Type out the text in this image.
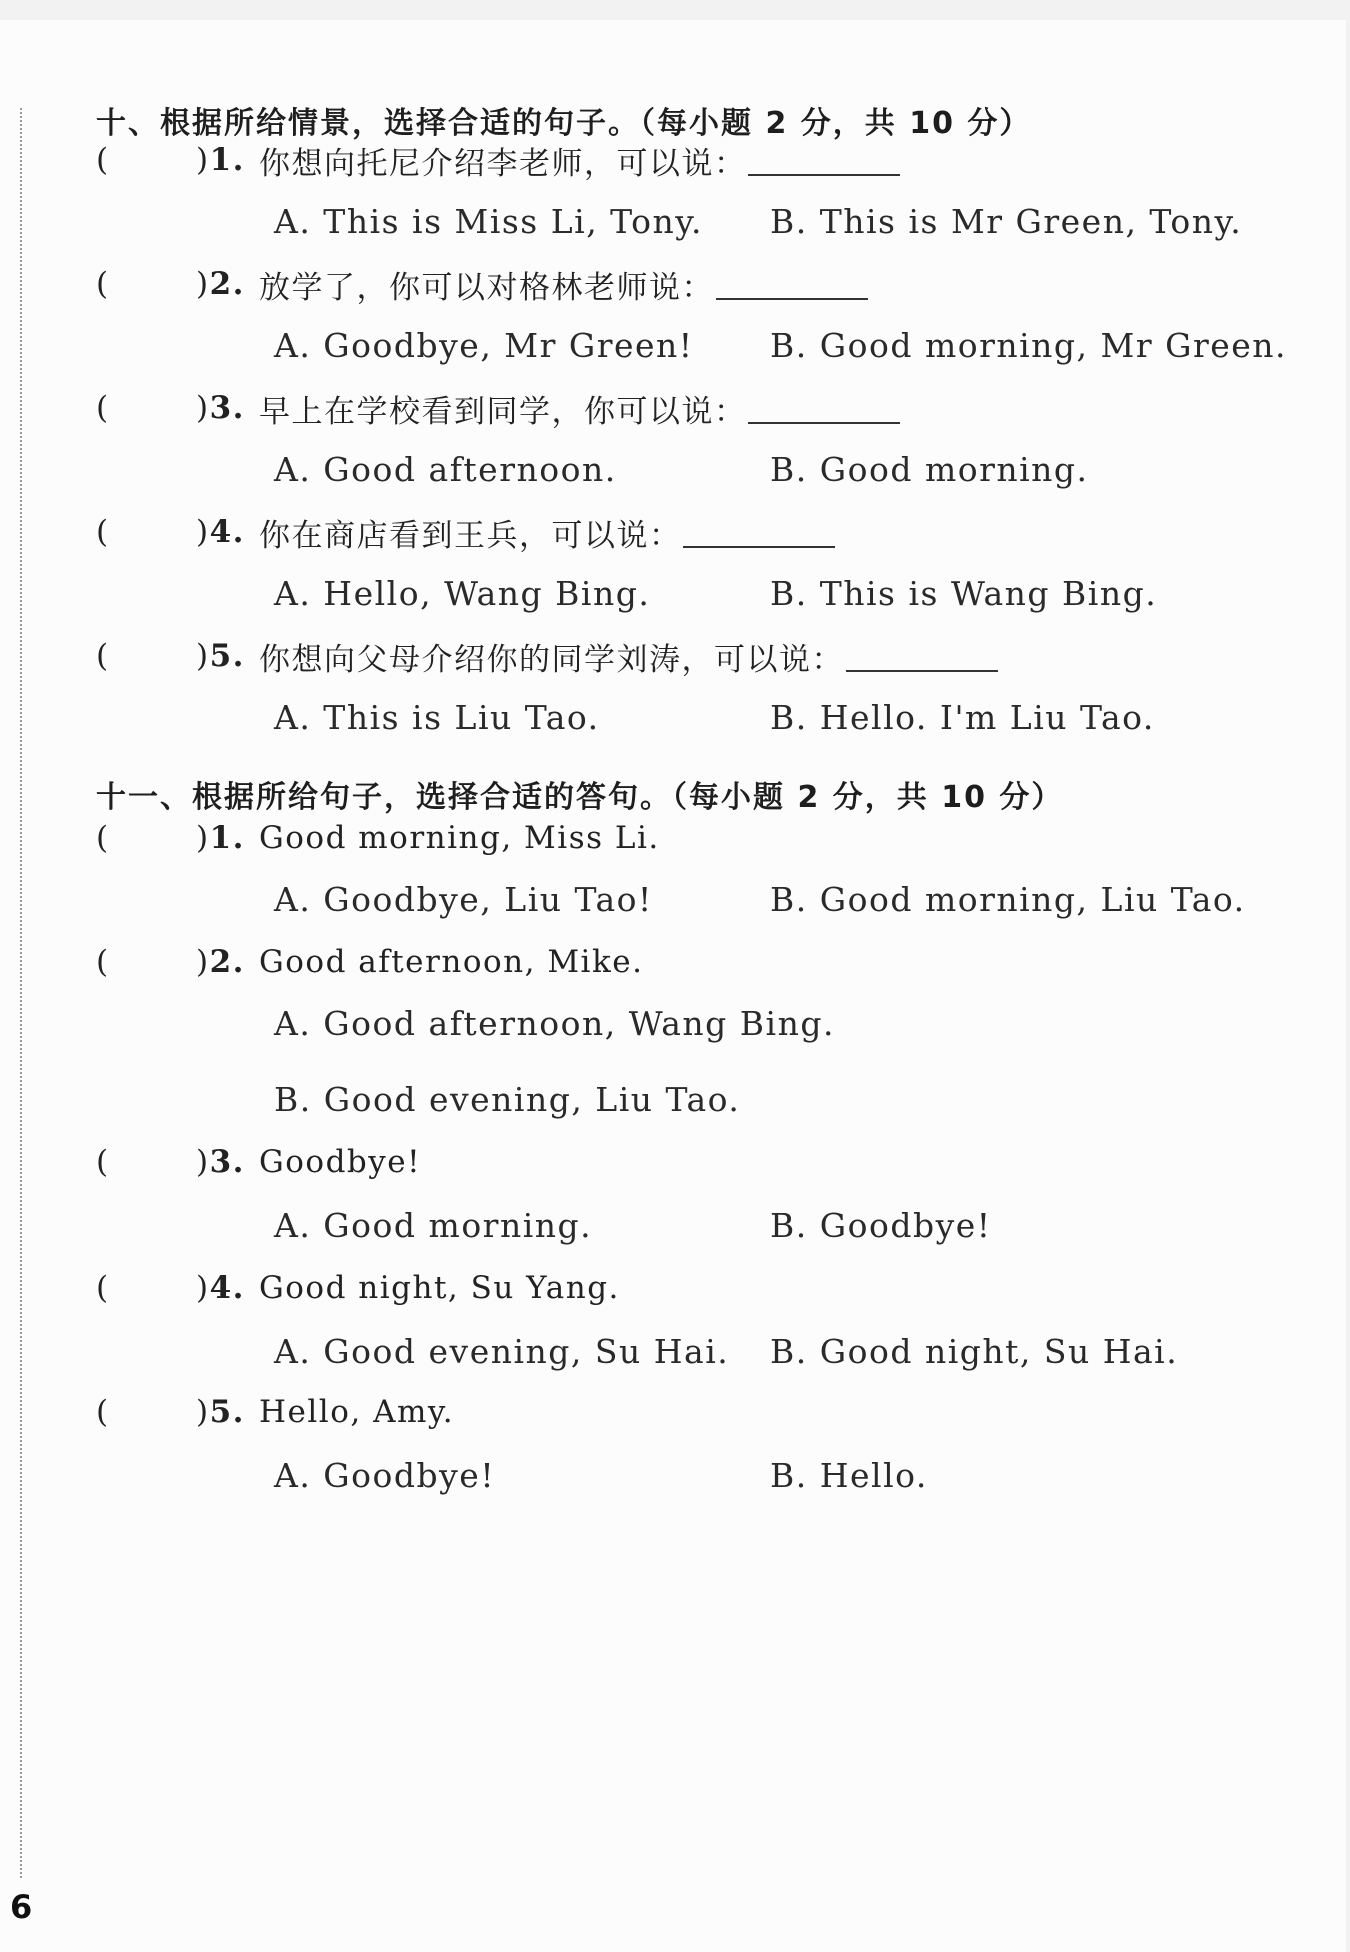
十、根据所给情景，选择合适的句子。（每小题 2 分，共 10 分）
(	) 1. 你想向托尼介绍李老师，可以说：
A. This is Miss Li, Tony. B. This is Mr Green, Tony.
(	) 2. 放学了，你可以对格林老师说：
A. Goodbye, Mr Green! B. Good morning, Mr Green.
(	) 3. 早上在学校看到同学，你可以说：
A. Good afternoon.	B. Good morning.
(	) 4. 你在商店看到王兵，可以说：
A. Hello, Wang Bing.	B. This is Wang Bing.
(	) 5. 你想向父母介绍你的同学刘涛，可以说：
A. This is Liu Tao.	B. Hello. I'm Liu Tao.
十一、根据所给句子，选择合适的答句。（每小题 2 分，共 10 分）
(	) 1. Good morning, Miss Li.
A. Goodbye, Liu Tao!	B. Good morning, Liu Tao.
(	) 2. Good afternoon, Mike.
A. Good afternoon, Wang Bing.
B. Good evening, Liu Tao.
(	) 3. Goodbye!
A. Good morning.	B. Goodbye!
(	) 4. Good night, Su Yang.
A. Good evening, Su Hai. B. Good night, Su Hai.
(	) 5. Hello, Amy.
A. Goodbye!	B. Hello.
6
